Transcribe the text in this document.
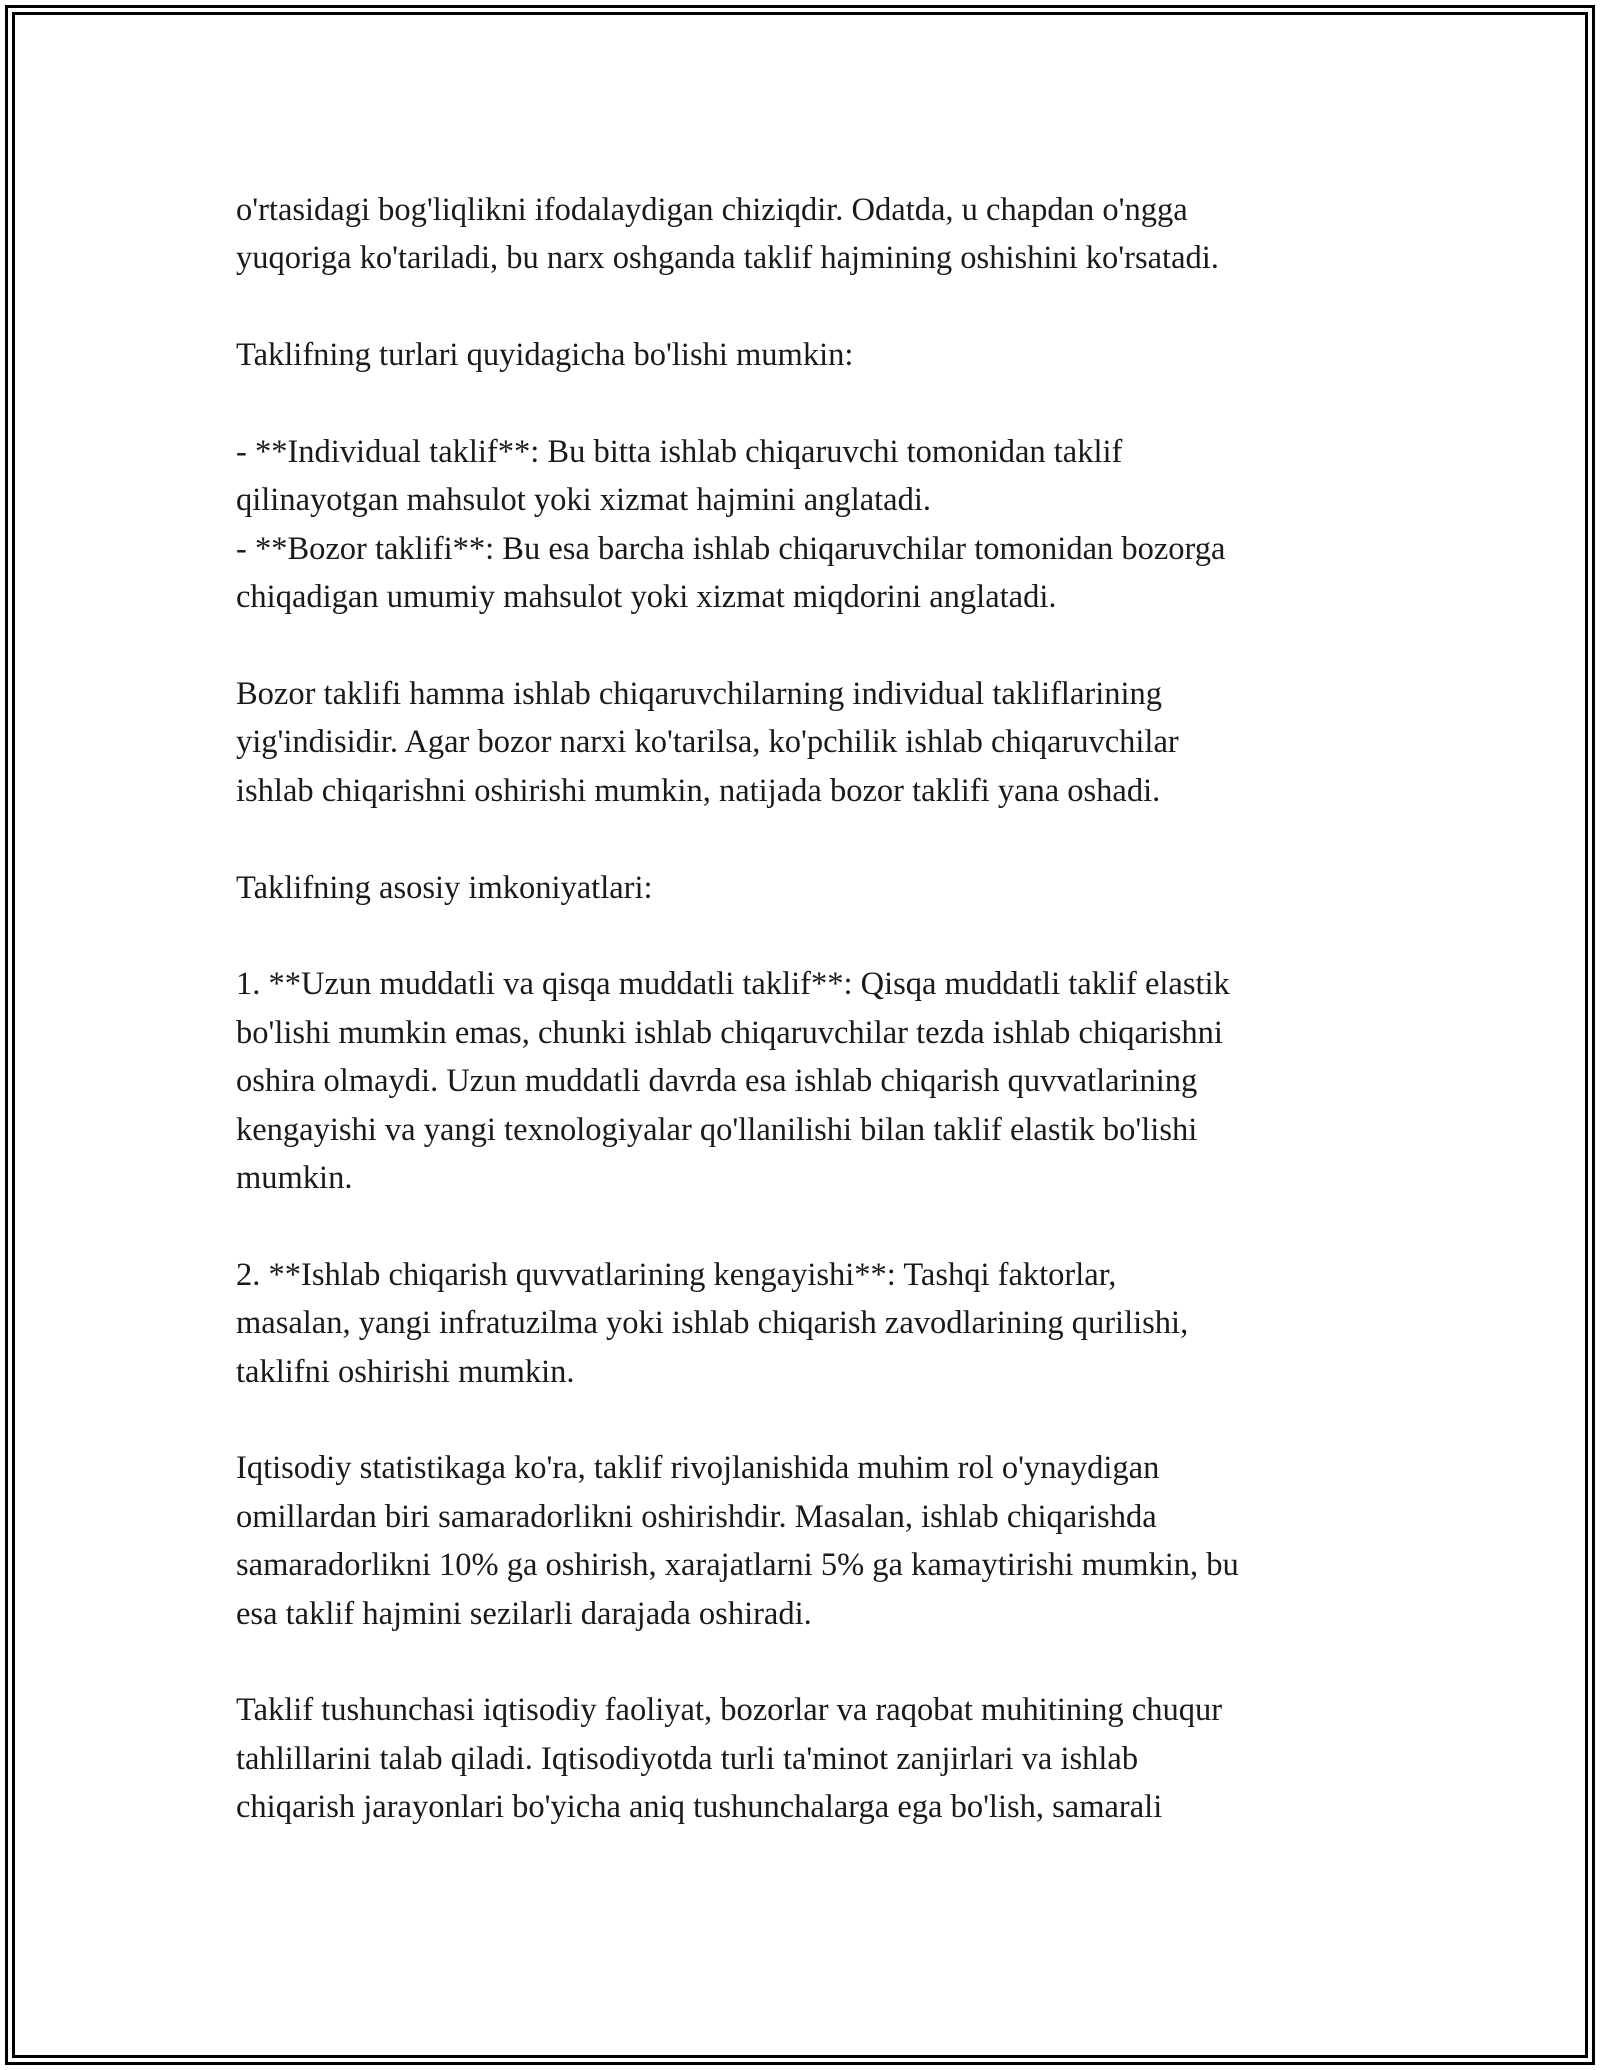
o'rtasidagi bog'liqlikni ifodalaydigan chiziqdir. Odatda, u chapdan o'ngga
yuqoriga ko'tariladi, bu narx oshganda taklif hajmining oshishini ko'rsatadi.

Taklifning turlari quyidagicha bo'lishi mumkin:

- **Individual taklif**: Bu bitta ishlab chiqaruvchi tomonidan taklif
qilinayotgan mahsulot yoki xizmat hajmini anglatadi.
- **Bozor taklifi**: Bu esa barcha ishlab chiqaruvchilar tomonidan bozorga
chiqadigan umumiy mahsulot yoki xizmat miqdorini anglatadi.

Bozor taklifi hamma ishlab chiqaruvchilarning individual takliflarining
yig'indisidir. Agar bozor narxi ko'tarilsa, ko'pchilik ishlab chiqaruvchilar
ishlab chiqarishni oshirishi mumkin, natijada bozor taklifi yana oshadi.

Taklifning asosiy imkoniyatlari:

1. **Uzun muddatli va qisqa muddatli taklif**: Qisqa muddatli taklif elastik
bo'lishi mumkin emas, chunki ishlab chiqaruvchilar tezda ishlab chiqarishni
oshira olmaydi. Uzun muddatli davrda esa ishlab chiqarish quvvatlarining
kengayishi va yangi texnologiyalar qo'llanilishi bilan taklif elastik bo'lishi
mumkin.

2. **Ishlab chiqarish quvvatlarining kengayishi**: Tashqi faktorlar,
masalan, yangi infratuzilma yoki ishlab chiqarish zavodlarining qurilishi,
taklifni oshirishi mumkin.

Iqtisodiy statistikaga ko'ra, taklif rivojlanishida muhim rol o'ynaydigan
omillardan biri samaradorlikni oshirishdir. Masalan, ishlab chiqarishda
samaradorlikni 10% ga oshirish, xarajatlarni 5% ga kamaytirishi mumkin, bu
esa taklif hajmini sezilarli darajada oshiradi.

Taklif tushunchasi iqtisodiy faoliyat, bozorlar va raqobat muhitining chuqur
tahlillarini talab qiladi. Iqtisodiyotda turli ta'minot zanjirlari va ishlab
chiqarish jarayonlari bo'yicha aniq tushunchalarga ega bo'lish, samarali
